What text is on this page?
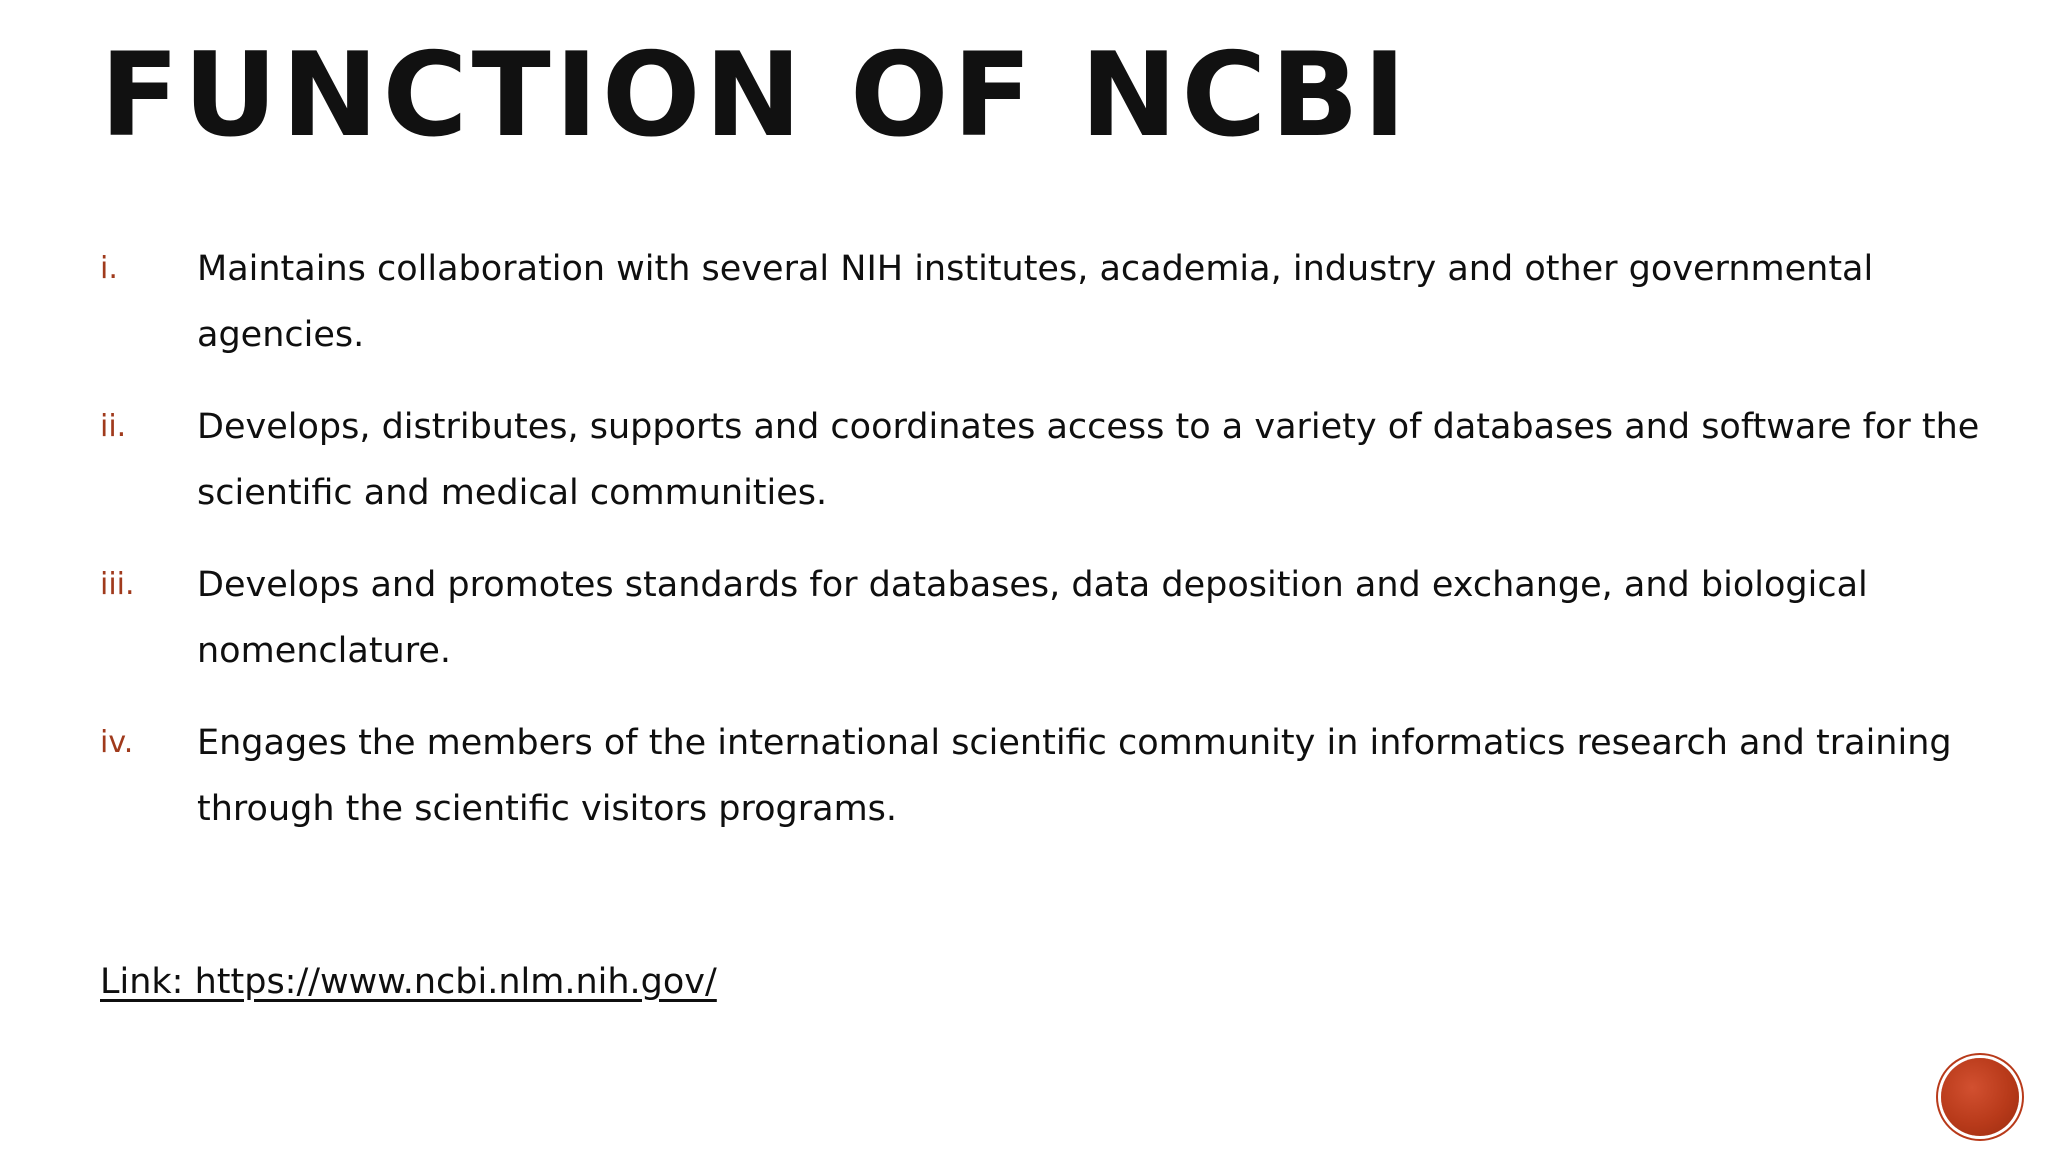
FUNCTION OF NCBI
i.	Maintains collaboration with several NIH institutes, academia, industry and other governmental agencies.
ii.	Develops, distributes, supports and coordinates access to a variety of databases and software for the scientific and medical communities.
iii.	Develops and promotes standards for databases, data deposition and exchange, and biological nomenclature.
iv.	Engages the members of the international scientific community in informatics research and training through the scientific visitors programs.

Link: https://www.ncbi.nlm.nih.gov/
